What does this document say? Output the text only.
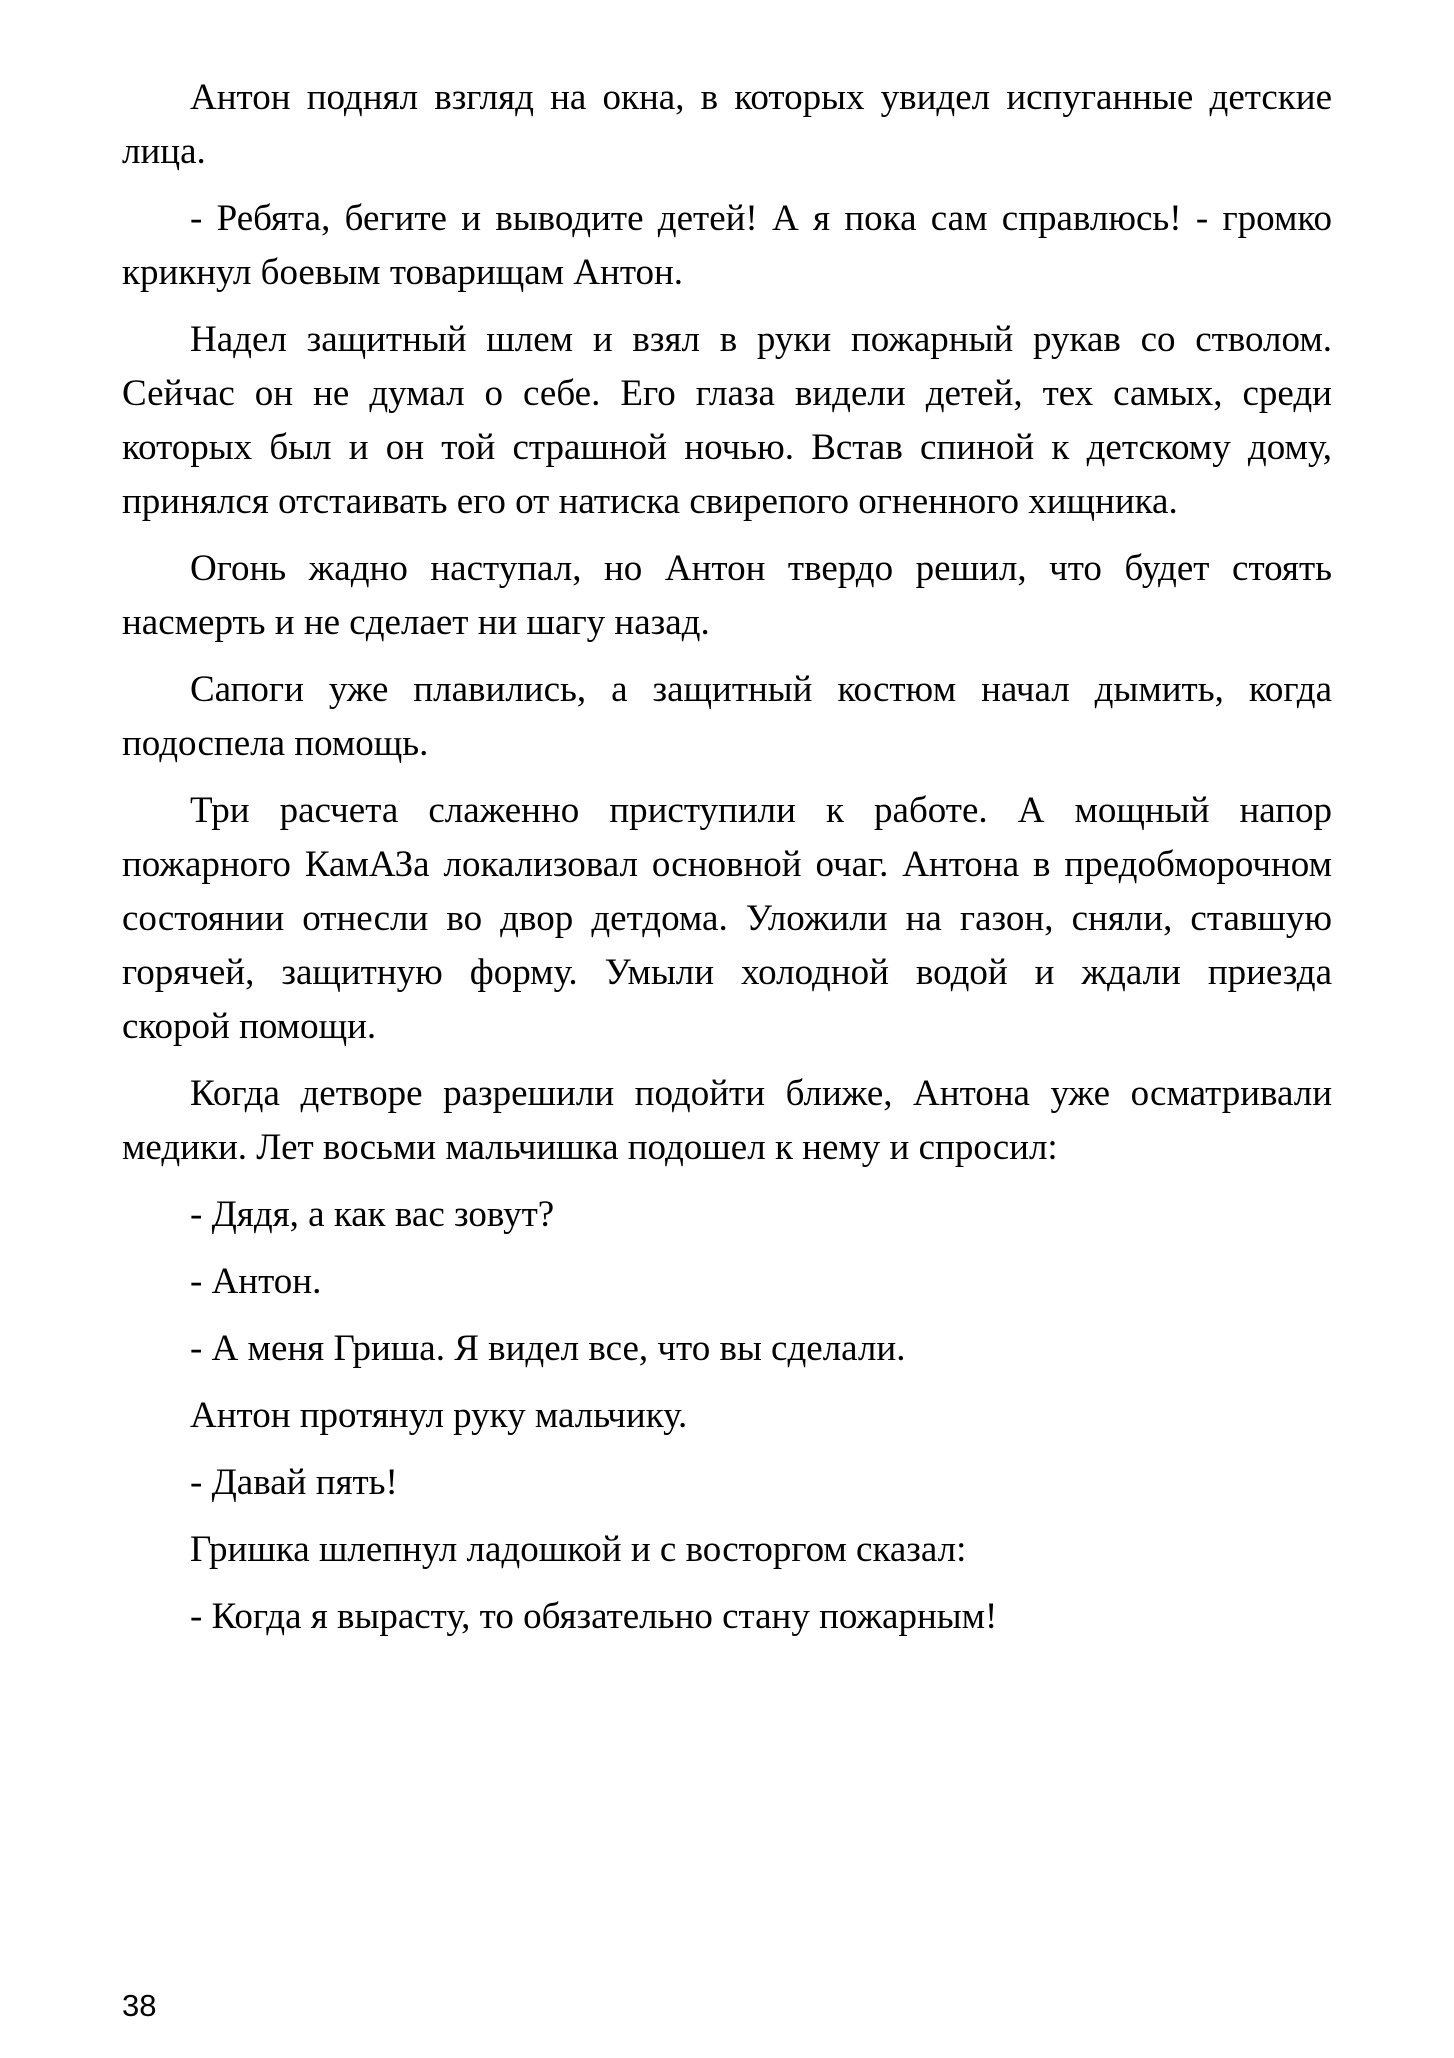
Антон поднял взгляд на окна, в которых увидел испуганные детские
лица.
- Ребята, бегите и выводите детей! А я пока сам справлюсь! - громко
крикнул боевым товарищам Антон.
Надел защитный шлем и взял в руки пожарный рукав со стволом.
Сейчас он не думал о себе. Его глаза видели детей, тех самых, среди
которых был и он той страшной ночью. Встав спиной к детскому дому,
принялся отстаивать его от натиска свирепого огненного хищника.
Огонь жадно наступал, но Антон твердо решил, что будет стоять
насмерть и не сделает ни шагу назад.
Сапоги уже плавились, а защитный костюм начал дымить, когда
подоспела помощь.
Три расчета слаженно приступили к работе. А мощный напор
пожарного КамАЗа локализовал основной очаг. Антона в предобморочном
состоянии отнесли во двор детдома. Уложили на газон, сняли, ставшую
горячей, защитную форму. Умыли холодной водой и ждали приезда
скорой помощи.
Когда детворе разрешили подойти ближе, Антона уже осматривали
медики. Лет восьми мальчишка подошел к нему и спросил:
- Дядя, а как вас зовут?
- Антон.
- А меня Гриша. Я видел все, что вы сделали.
Антон протянул руку мальчику.
- Давай пять!
Гришка шлепнул ладошкой и с восторгом сказал:
- Когда я вырасту, то обязательно стану пожарным!
38
